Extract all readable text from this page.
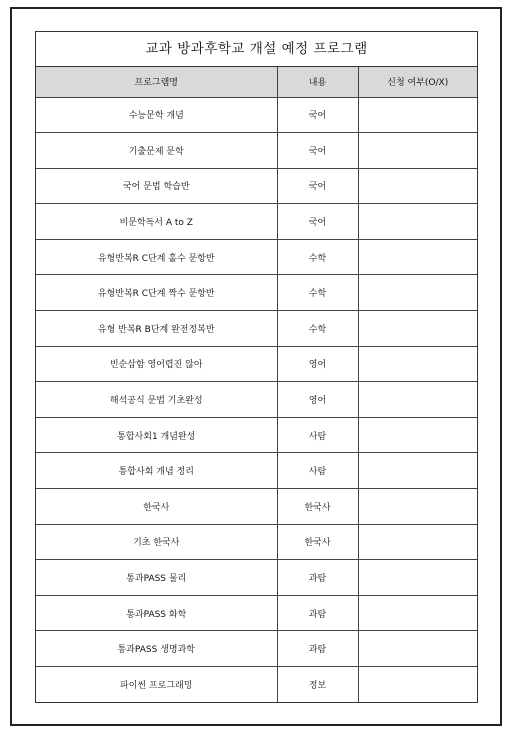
교과 방과후학교 개설 예정 프로그램
프로그램명	내용	신청 여부(O/X)
수능문학 개념	국어	
기출문제 문학	국어	
국어 문법 학습반	국어	
비문학독서 A to Z	국어	
유형반복R C단계 홀수 문항반	수학	
유형반복R C단계 짝수 문항반	수학	
유형 반복R B단계 완전정복반	수학	
빈순삽함 영어렵진 않아	영어	
해석공식 문법 기초완성	영어	
통합사회1 개념완성	사탐	
통합사회 개념 정리	사탐	
한국사	한국사	
기초 한국사	한국사	
통과PASS 물리	과탐	
통과PASS 화학	과탐	
통과PASS 생명과학	과탐	
파이썬 프로그래밍	정보	
